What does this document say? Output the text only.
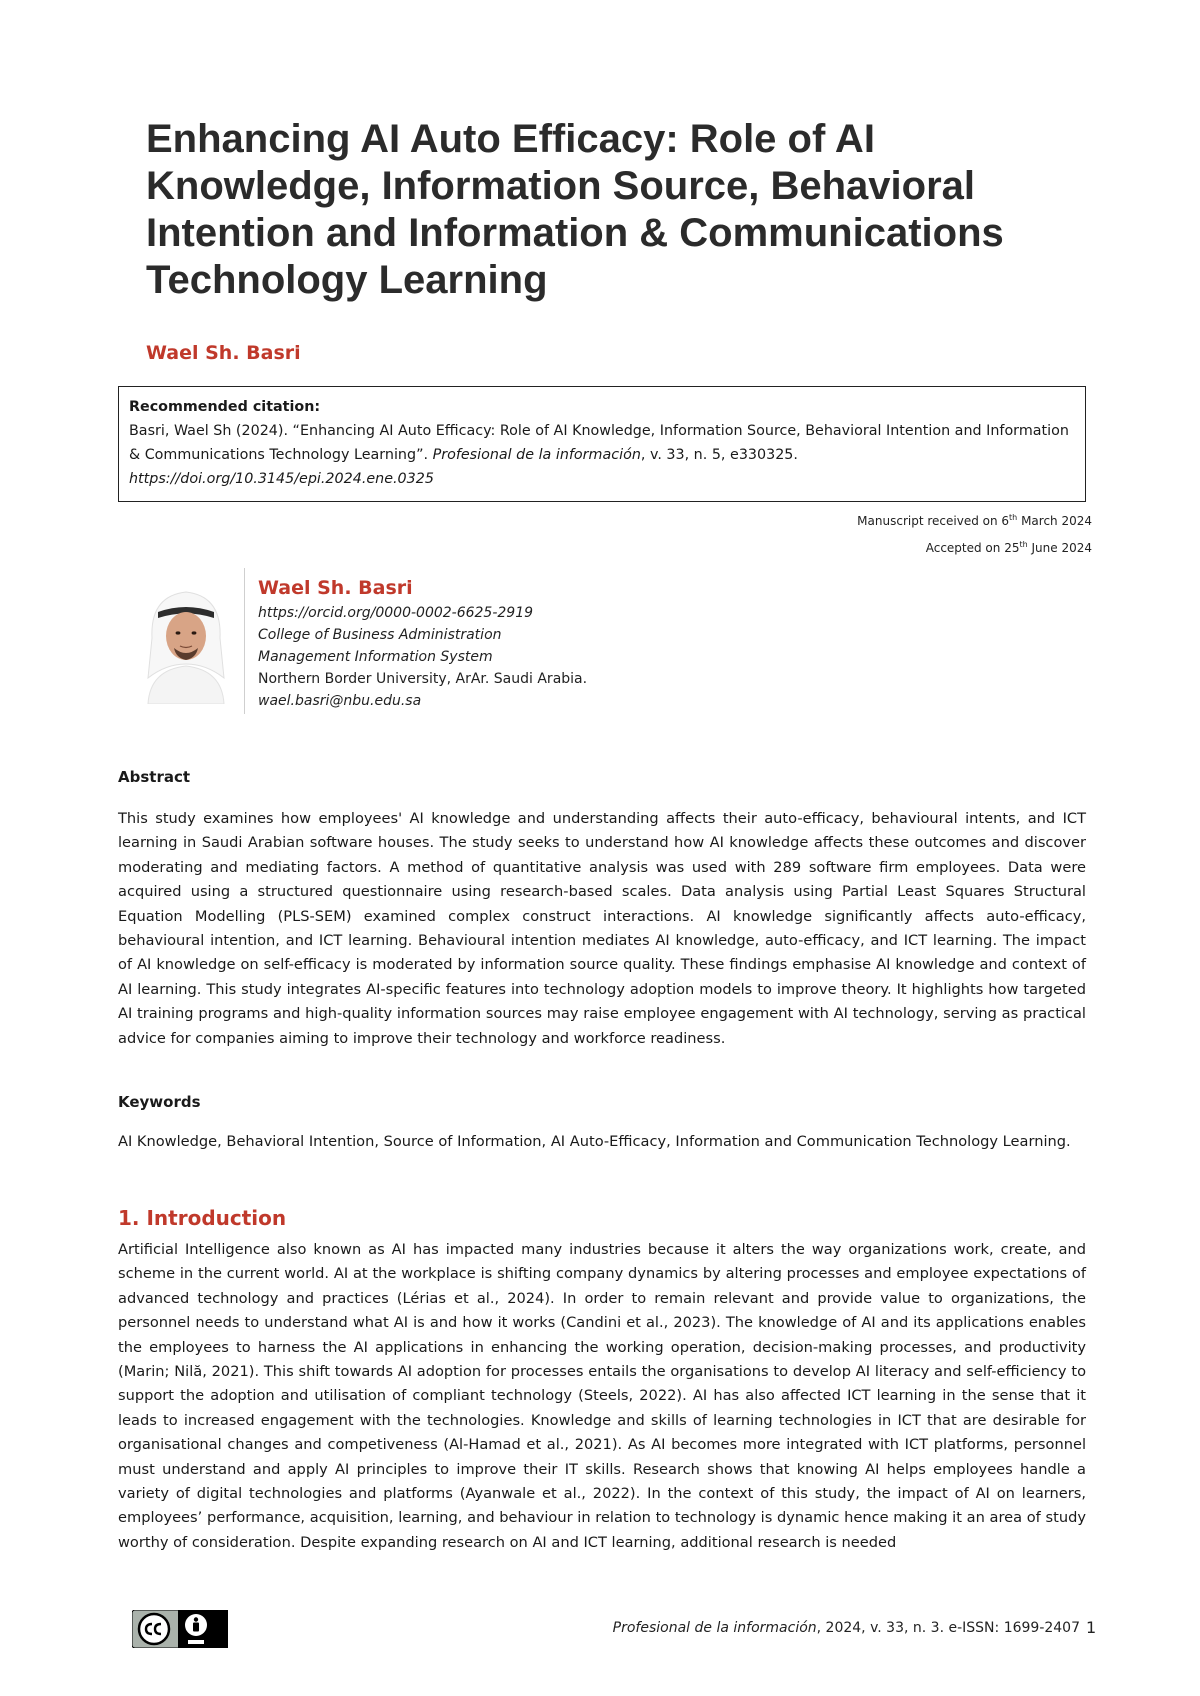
Enhancing AI Auto Efficacy: Role of AI Knowledge, Information Source, Behavioral Intention and Information & Communications Technology Learning

Wael Sh. Basri

Recommended citation:
Basri, Wael Sh (2024). “Enhancing AI Auto Efficacy: Role of AI Knowledge, Information Source, Behavioral Intention and Information & Communications Technology Learning”. Profesional de la información, v. 33, n. 5, e330325.
https://doi.org/10.3145/epi.2024.ene.0325
Manuscript received on 6th March 2024
Accepted on 25th June 2024
Wael Sh. Basri
https://orcid.org/0000-0002-6625-2919
College of Business Administration
Management Information System
Northern Border University, ArAr. Saudi Arabia.
wael.basri@nbu.edu.sa

Abstract

This study examines how employees' AI knowledge and understanding affects their auto-efficacy, behavioural intents, and ICT learning in Saudi Arabian software houses. The study seeks to understand how AI knowledge affects these outcomes and discover moderating and mediating factors. A method of quantitative analysis was used with 289 software firm employees. Data were acquired using a structured questionnaire using research-based scales. Data analysis using Partial Least Squares Structural Equation Modelling (PLS-SEM) examined complex construct interactions. AI knowledge significantly affects auto-efficacy, behavioural intention, and ICT learning. Behavioural intention mediates AI knowledge, auto-efficacy, and ICT learning. The impact of AI knowledge on self-efficacy is moderated by information source quality. These findings emphasise AI knowledge and context of AI learning. This study integrates AI-specific features into technology adoption models to improve theory. It highlights how targeted AI training programs and high-quality information sources may raise employee engagement with AI technology, serving as practical advice for companies aiming to improve their technology and workforce readiness.

Keywords

AI Knowledge, Behavioral Intention, Source of Information, AI Auto-Efficacy, Information and Communication Technology Learning.

1. Introduction

Artificial Intelligence also known as AI has impacted many industries because it alters the way organizations work, create, and scheme in the current world. AI at the workplace is shifting company dynamics by altering processes and employee expectations of advanced technology and practices (Lérias et al., 2024). In order to remain relevant and provide value to organizations, the personnel needs to understand what AI is and how it works (Candini et al., 2023). The knowledge of AI and its applications enables the employees to harness the AI applications in enhancing the working operation, decision-making processes, and productivity (Marin; Nilă, 2021). This shift towards AI adoption for processes entails the organisations to develop AI literacy and self-efficiency to support the adoption and utilisation of compliant technology (Steels, 2022). AI has also affected ICT learning in the sense that it leads to increased engagement with the technologies. Knowledge and skills of learning technologies in ICT that are desirable for organisational changes and competiveness (Al-Hamad et al., 2021). As AI becomes more integrated with ICT platforms, personnel must understand and apply AI principles to improve their IT skills. Research shows that knowing AI helps employees handle a variety of digital technologies and platforms (Ayanwale et al., 2022). In the context of this study, the impact of AI on learners, employees’ performance, acquisition, learning, and behaviour in relation to technology is dynamic hence making it an area of study worthy of consideration. Despite expanding research on AI and ICT learning, additional research is needed

Profesional de la información, 2024, v. 33, n. 3. e-ISSN: 1699-2407 1
